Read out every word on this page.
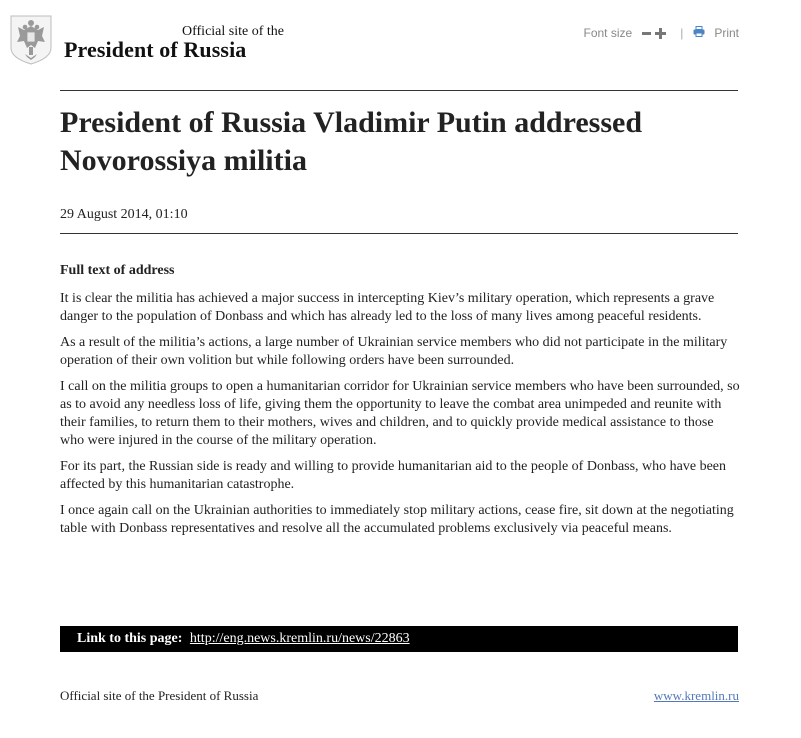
Official site of the
President of Russia
Font size	|	Print
President of Russia Vladimir Putin addressed Novorossiya militia
29 August 2014, 01:10
Full text of address

It is clear the militia has achieved a major success in intercepting Kiev’s military operation, which represents a grave danger to the population of Donbass and which has already led to the loss of many lives among peaceful residents.

As a result of the militia’s actions, a large number of Ukrainian service members who did not participate in the military operation of their own volition but while following orders have been surrounded.

I call on the militia groups to open a humanitarian corridor for Ukrainian service members who have been surrounded, so as to avoid any needless loss of life, giving them the opportunity to leave the combat area unimpeded and reunite with their families, to return them to their mothers, wives and children, and to quickly provide medical assistance to those who were injured in the course of the military operation.

For its part, the Russian side is ready and willing to provide humanitarian aid to the people of Donbass, who have been affected by this humanitarian catastrophe.

I once again call on the Ukrainian authorities to immediately stop military actions, cease fire, sit down at the negotiating table with Donbass representatives and resolve all the accumulated problems exclusively via peaceful means.

Link to this page: http://eng.news.kremlin.ru/news/22863
Official site of the President of Russia	www.kremlin.ru
